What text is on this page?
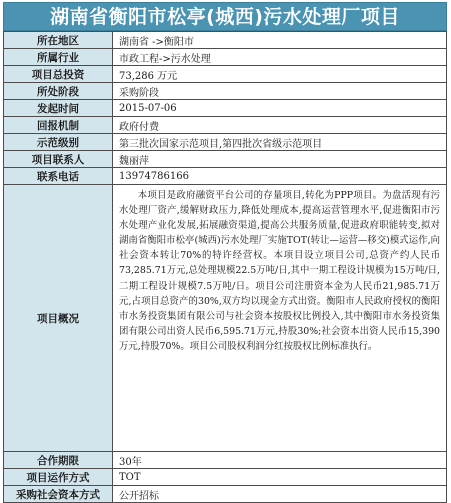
湖南省衡阳市松亭(城西)污水处理厂项目
所在地区	湖南省 ->衡阳市
所属行业	市政工程->污水处理
项目总投资	73,286 万元
所处阶段	采购阶段
发起时间	2015-07-06
回报机制	政府付费
示范级别	第三批次国家示范项目,第四批次省级示范项目
项目联系人	魏丽萍
联系电话	13974786166
项目概况	本项目是政府融资平台公司的存量项目,转化为PPP项目。为盘活现有污水处理厂资产,缓解财政压力,降低处理成本,提高运营管理水平,促进衡阳市污水处理产业化发展,拓展融资渠道,提高公共服务质量,促进政府职能转变,拟对湖南省衡阳市松亭(城西)污水处理厂实施TOT(转让—运营—移交)模式运作,向社会资本转让70%的特许经营权。本项目设立项目公司,总资产约人民币73,285.71万元,总处理规模22.5万吨/日,其中一期工程设计规模为15万吨/日,二期工程设计规模7.5万吨/日。项目公司注册资本金为人民币21,985.71万元,占项目总资产的30%,双方均以现金方式出资。衡阳市人民政府授权的衡阳市水务投资集团有限公司与社会资本按股权比例投入,其中衡阳市水务投资集团有限公司出资人民币6,595.71万元,持股30%;社会资本出资人民币15,390万元,持股70%。项目公司股权利润分红按股权比例标准执行。
合作期限	30年
项目运作方式	TOT
采购社会资本方式	公开招标
